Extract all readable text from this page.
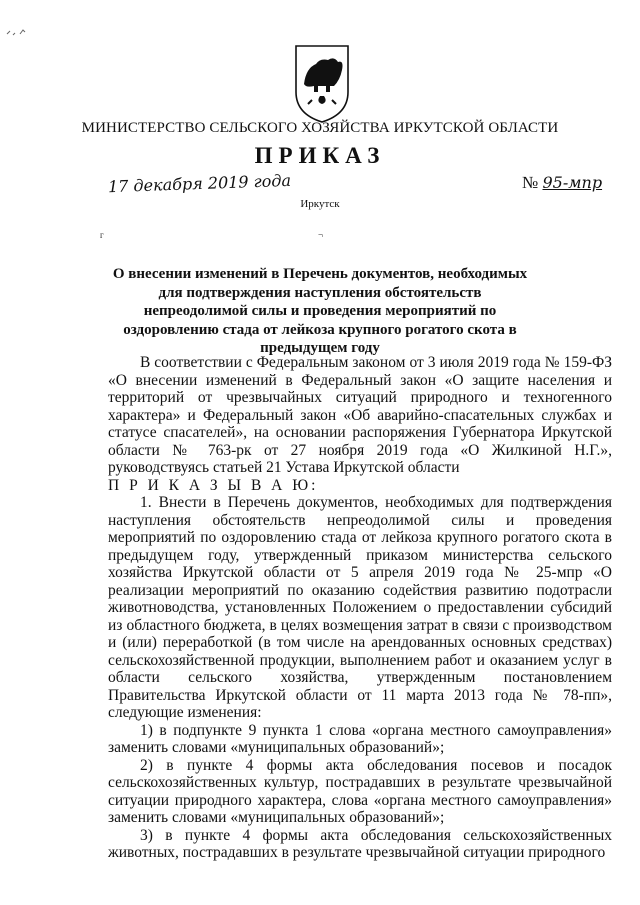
МИНИСТЕРСТВО СЕЛЬСКОГО ХОЗЯЙСТВА ИРКУТСКОЙ ОБЛАСТИ
ПРИКАЗ
17 декабря 2019 года	№ 95-мпр
Иркутск
г	¬
О внесении изменений в Перечень документов, необходимых для подтверждения наступления обстоятельств непреодолимой силы и проведения мероприятий по оздоровлению стада от лейкоза крупного рогатого скота в предыдущем году

В соответствии с Федеральным законом от 3 июля 2019 года № 159-ФЗ «О внесении изменений в Федеральный закон «О защите населения и территорий от чрезвычайных ситуаций природного и техногенного характера» и Федеральный закон «Об аварийно-спасательных службах и статусе спасателей», на основании распоряжения Губернатора Иркутской области № 763-рк от 27 ноября 2019 года «О Жилкиной Н.Г.», руководствуясь статьей 21 Устава Иркутской области

П Р И К А З Ы В А Ю:

1. Внести в Перечень документов, необходимых для подтверждения наступления обстоятельств непреодолимой силы и проведения мероприятий по оздоровлению стада от лейкоза крупного рогатого скота в предыдущем году, утвержденный приказом министерства сельского хозяйства Иркутской области от 5 апреля 2019 года № 25-мпр «О реализации мероприятий по оказанию содействия развитию подотрасли животноводства, установленных Положением о предоставлении субсидий из областного бюджета, в целях возмещения затрат в связи с производством и (или) переработкой (в том числе на арендованных основных средствах) сельскохозяйственной продукции, выполнением работ и оказанием услуг в области сельского хозяйства, утвержденным постановлением Правительства Иркутской области от 11 марта 2013 года № 78-пп», следующие изменения:

1) в подпункте 9 пункта 1 слова «органа местного самоуправления» заменить словами «муниципальных образований»;

2) в пункте 4 формы акта обследования посевов и посадок сельскохозяйственных культур, пострадавших в результате чрезвычайной ситуации природного характера, слова «органа местного самоуправления» заменить словами «муниципальных образований»;

3) в пункте 4 формы акта обследования сельскохозяйственных животных, пострадавших в результате чрезвычайной ситуации природного
